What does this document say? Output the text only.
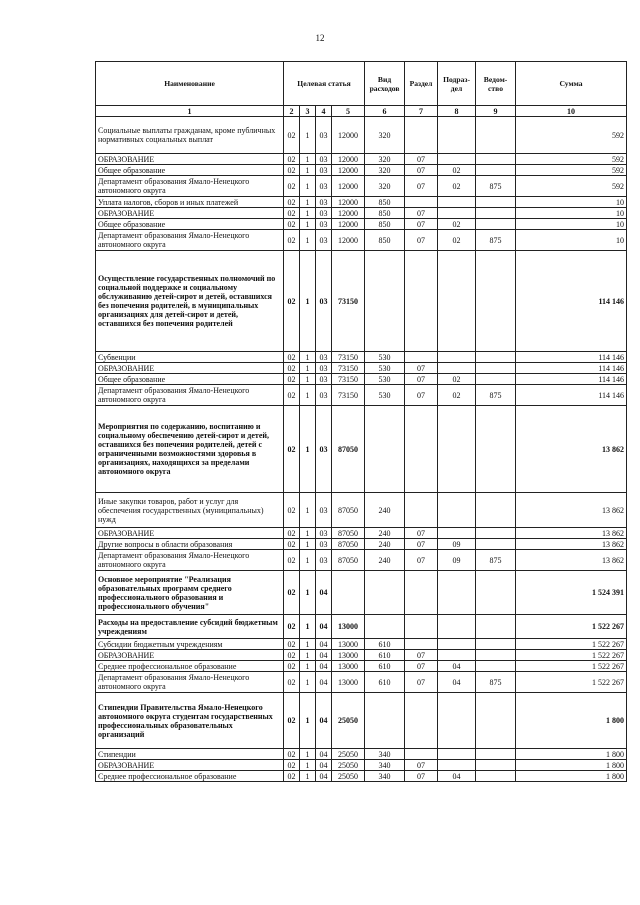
12
Наименование	Целевая статья				Вид расходов	Раздел	Подраз-дел	Ведом-ство	Сумма
1	2	3	4	5	6	7	8	9	10
Социальные выплаты гражданам, кроме публичных нормативных социальных выплат	02	1	03	12000	320				592
ОБРАЗОВАНИЕ	02	1	03	12000	320	07			592
Общее образование	02	1	03	12000	320	07	02		592
Департамент образования Ямало-Ненецкого автономного округа	02	1	03	12000	320	07	02	875	592
Уплата налогов, сборов и иных платежей	02	1	03	12000	850				10
ОБРАЗОВАНИЕ	02	1	03	12000	850	07			10
Общее образование	02	1	03	12000	850	07	02		10
Департамент образования Ямало-Ненецкого автономного округа	02	1	03	12000	850	07	02	875	10
Осуществление государственных полномочий по социальной поддержке и социальному обслуживанию детей-сирот и детей, оставшихся без попечения родителей, в муниципальных организациях для детей-сирот и детей, оставшихся без попечения родителей	02	1	03	73150					114 146
Субвенции	02	1	03	73150	530				114 146
ОБРАЗОВАНИЕ	02	1	03	73150	530	07			114 146
Общее образование	02	1	03	73150	530	07	02		114 146
Департамент образования Ямало-Ненецкого автономного округа	02	1	03	73150	530	07	02	875	114 146
Мероприятия по содержанию, воспитанию и социальному обеспечению детей-сирот и детей, оставшихся без попечения родителей, детей с ограниченными возможностями здоровья в организациях, находящихся за пределами автономного округа	02	1	03	87050					13 862
Иные закупки товаров, работ и услуг для обеспечения государственных (муниципальных) нужд	02	1	03	87050	240				13 862
ОБРАЗОВАНИЕ	02	1	03	87050	240	07			13 862
Другие вопросы в области образования	02	1	03	87050	240	07	09		13 862
Департамент образования Ямало-Ненецкого автономного округа	02	1	03	87050	240	07	09	875	13 862
Основное мероприятие "Реализация образовательных программ среднего профессионального образования и профессионального обучения"	02	1	04						1 524 391
Расходы на предоставление субсидий бюджетным учреждениям	02	1	04	13000					1 522 267
Субсидии бюджетным учреждениям	02	1	04	13000	610				1 522 267
ОБРАЗОВАНИЕ	02	1	04	13000	610	07			1 522 267
Среднее профессиональное образование	02	1	04	13000	610	07	04		1 522 267
Департамент образования Ямало-Ненецкого автономного округа	02	1	04	13000	610	07	04	875	1 522 267
Стипендии Правительства Ямало-Ненецкого автономного округа студентам государственных профессиональных образовательных организаций	02	1	04	25050					1 800
Стипендии	02	1	04	25050	340				1 800
ОБРАЗОВАНИЕ	02	1	04	25050	340	07			1 800
Среднее профессиональное образование	02	1	04	25050	340	07	04		1 800
